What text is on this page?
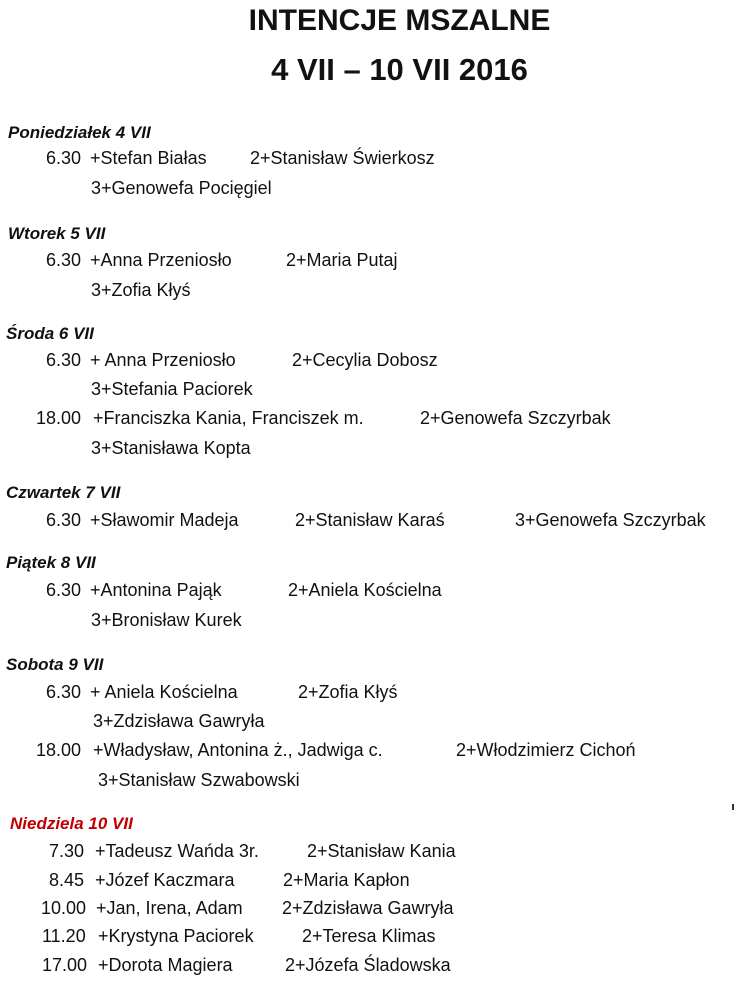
INTENCJE MSZALNE
4 VII – 10 VII 2016
Poniedziałek 4 VII
6.30 +Stefan Białas 2+Stanisław Świerkosz
3+Genowefa Pocięgiel
Wtorek 5 VII
6.30 +Anna Przeniosło	2+Maria Putaj
3+Zofia Kłyś
Środa 6 VII
6.30 + Anna Przeniosło	2+Cecylia Dobosz
3+Stefania Paciorek
18.00 +Franciszka Kania, Franciszek m.	2+Genowefa Szczyrbak
3+Stanisława Kopta
Czwartek 7 VII
6.30 +Sławomir Madeja	2+Stanisław Karaś	3+Genowefa Szczyrbak
Piątek 8 VII
6.30 +Antonina Pająk	2+Aniela Kościelna
3+Bronisław Kurek
Sobota 9 VII
6.30 + Aniela Kościelna	2+Zofia Kłyś
3+Zdzisława Gawryła
18.00 +Władysław, Antonina ż., Jadwiga c.	2+Włodzimierz Cichoń
3+Stanisław Szwabowski
Niedziela 10 VII
7.30 +Tadeusz Wańda 3r.	2+Stanisław Kania
8.45 +Józef Kaczmara	2+Maria Kapłon
10.00 +Jan, Irena, Adam 2+Zdzisława Gawryła
11.20 +Krystyna Paciorek	2+Teresa Klimas
17.00 +Dorota Magiera	2+Józefa Śladowska
